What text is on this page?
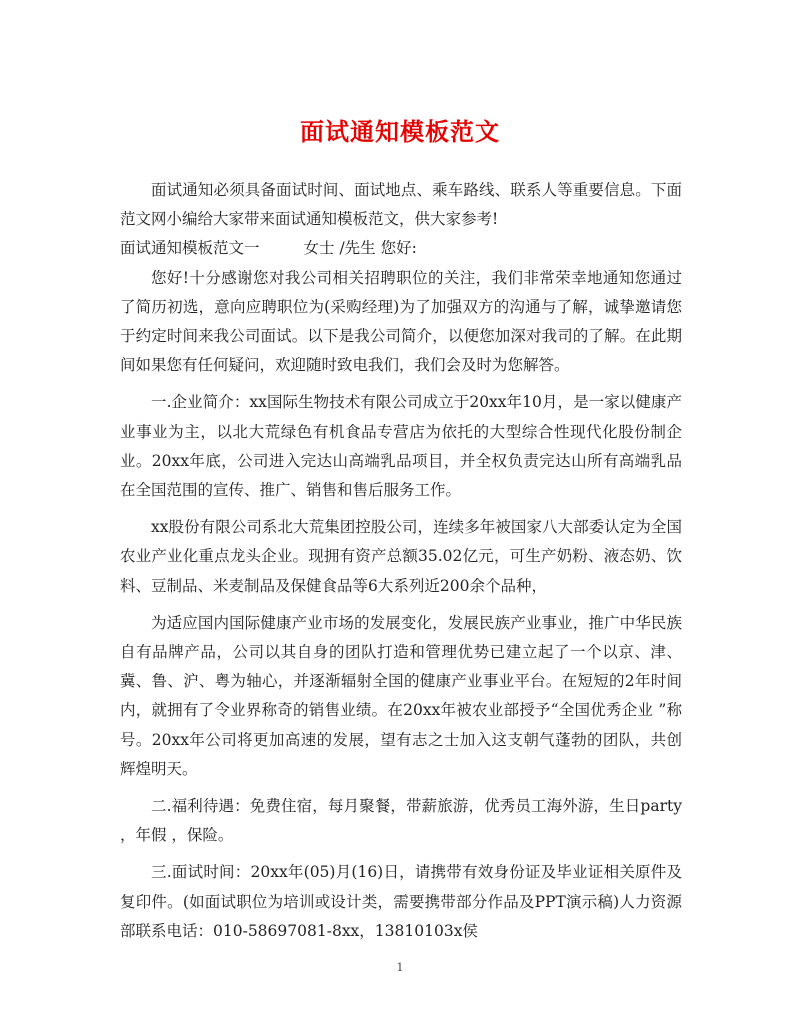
面试通知模板范文

面试通知必须具备面试时间、面试地点、乘车路线、联系人等重要信息。下面范文网小编给大家带来面试通知模板范文，供大家参考!

面试通知模板范文一	女士 /先生 您好:

您好!十分感谢您对我公司相关招聘职位的关注，我们非常荣幸地通知您通过了简历初选，意向应聘职位为(采购经理)为了加强双方的沟通与了解，诚挚邀请您于约定时间来我公司面试。以下是我公司简介，以便您加深对我司的了解。在此期间如果您有任何疑问，欢迎随时致电我们，我们会及时为您解答。

一.企业简介：xx国际生物技术有限公司成立于20xx年10月，是一家以健康产业事业为主，以北大荒绿色有机食品专营店为依托的大型综合性现代化股份制企业。20xx年底，公司进入完达山高端乳品项目，并全权负责完达山所有高端乳品在全国范围的宣传、推广、销售和售后服务工作。

xx股份有限公司系北大荒集团控股公司，连续多年被国家八大部委认定为全国农业产业化重点龙头企业。现拥有资产总额35.02亿元，可生产奶粉、液态奶、饮料、豆制品、米麦制品及保健食品等6大系列近200余个品种，

为适应国内国际健康产业市场的发展变化，发展民族产业事业，推广中华民族自有品牌产品，公司以其自身的团队打造和管理优势已建立起了一个以京、津、冀、鲁、沪、粤为轴心，并逐渐辐射全国的健康产业事业平台。在短短的2年时间内，就拥有了令业界称奇的销售业绩。在20xx年被农业部授予“全国优秀企业 ”称号。20xx年公司将更加高速的发展，望有志之士加入这支朝气蓬勃的团队，共创辉煌明天。

二.福利待遇：免费住宿，每月聚餐，带薪旅游，优秀员工海外游，生日party ，年假 ，保险。

三.面试时间：20xx年(05)月(16)日，请携带有效身份证及毕业证相关原件及复印件。(如面试职位为培训或设计类，需要携带部分作品及PPT演示稿)人力资源部联系电话：010-58697081-8xx，13810103x侯

1
